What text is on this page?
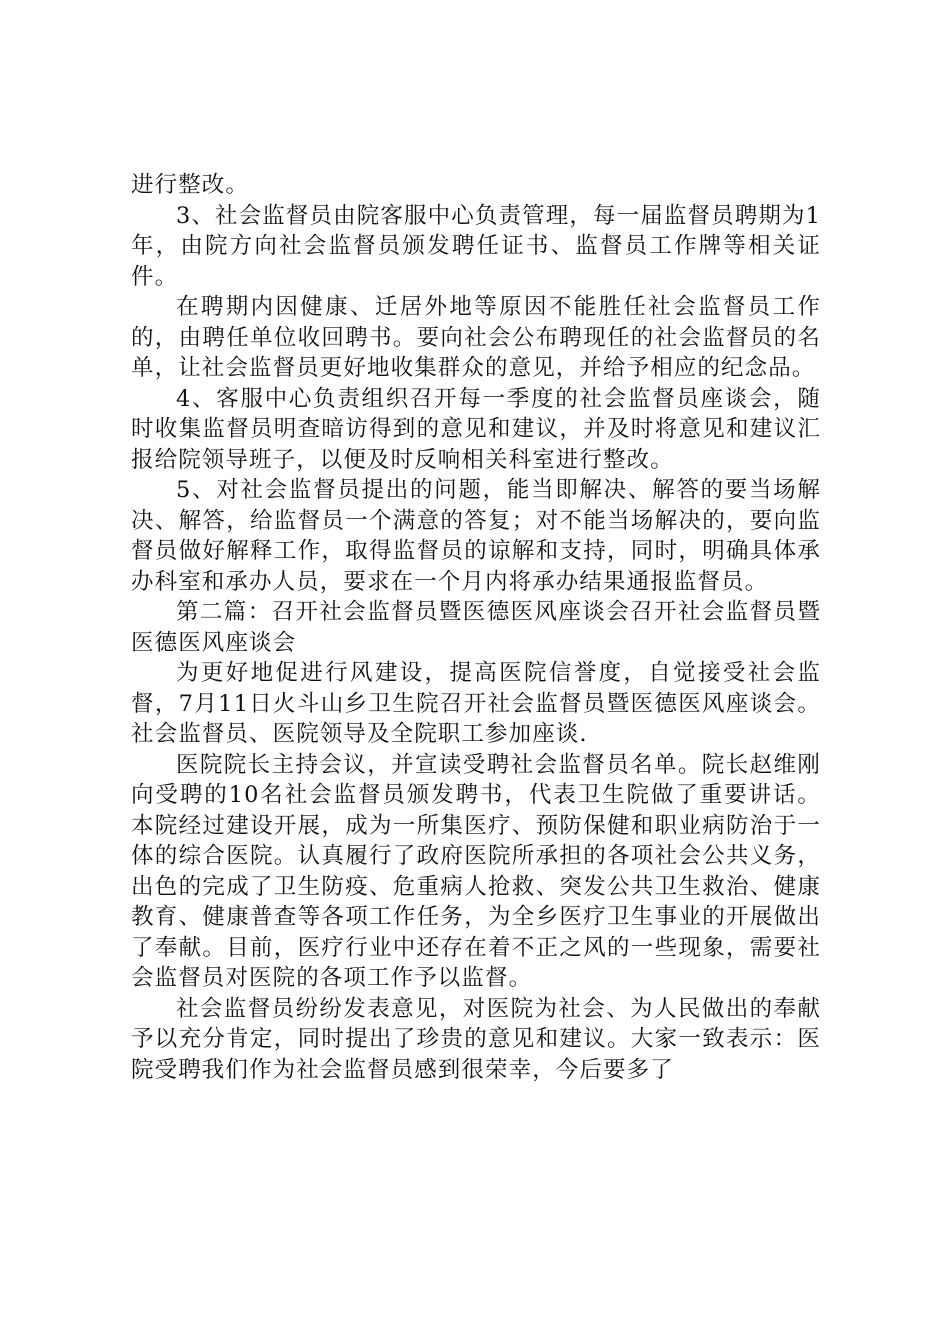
进行整改。

3、社会监督员由院客服中心负责管理，每一届监督员聘期为1年，由院方向社会监督员颁发聘任证书、监督员工作牌等相关证件。

在聘期内因健康、迁居外地等原因不能胜任社会监督员工作的，由聘任单位收回聘书。要向社会公布聘现任的社会监督员的名单，让社会监督员更好地收集群众的意见，并给予相应的纪念品。

4、客服中心负责组织召开每一季度的社会监督员座谈会，随时收集监督员明查暗访得到的意见和建议，并及时将意见和建议汇报给院领导班子，以便及时反响相关科室进行整改。

5、对社会监督员提出的问题，能当即解决、解答的要当场解决、解答，给监督员一个满意的答复；对不能当场解决的，要向监督员做好解释工作，取得监督员的谅解和支持，同时，明确具体承办科室和承办人员，要求在一个月内将承办结果通报监督员。

第二篇：召开社会监督员暨医德医风座谈会召开社会监督员暨医德医风座谈会

为更好地促进行风建设，提高医院信誉度，自觉接受社会监督，7月11日火斗山乡卫生院召开社会监督员暨医德医风座谈会。社会监督员、医院领导及全院职工参加座谈.

医院院长主持会议，并宣读受聘社会监督员名单。院长赵维刚向受聘的10名社会监督员颁发聘书，代表卫生院做了重要讲话。本院经过建设开展，成为一所集医疗、预防保健和职业病防治于一体的综合医院。认真履行了政府医院所承担的各项社会公共义务，出色的完成了卫生防疫、危重病人抢救、突发公共卫生救治、健康教育、健康普查等各项工作任务，为全乡医疗卫生事业的开展做出了奉献。目前，医疗行业中还存在着不正之风的一些现象，需要社会监督员对医院的各项工作予以监督。

社会监督员纷纷发表意见，对医院为社会、为人民做出的奉献予以充分肯定，同时提出了珍贵的意见和建议。大家一致表示：医院受聘我们作为社会监督员感到很荣幸，今后要多了
